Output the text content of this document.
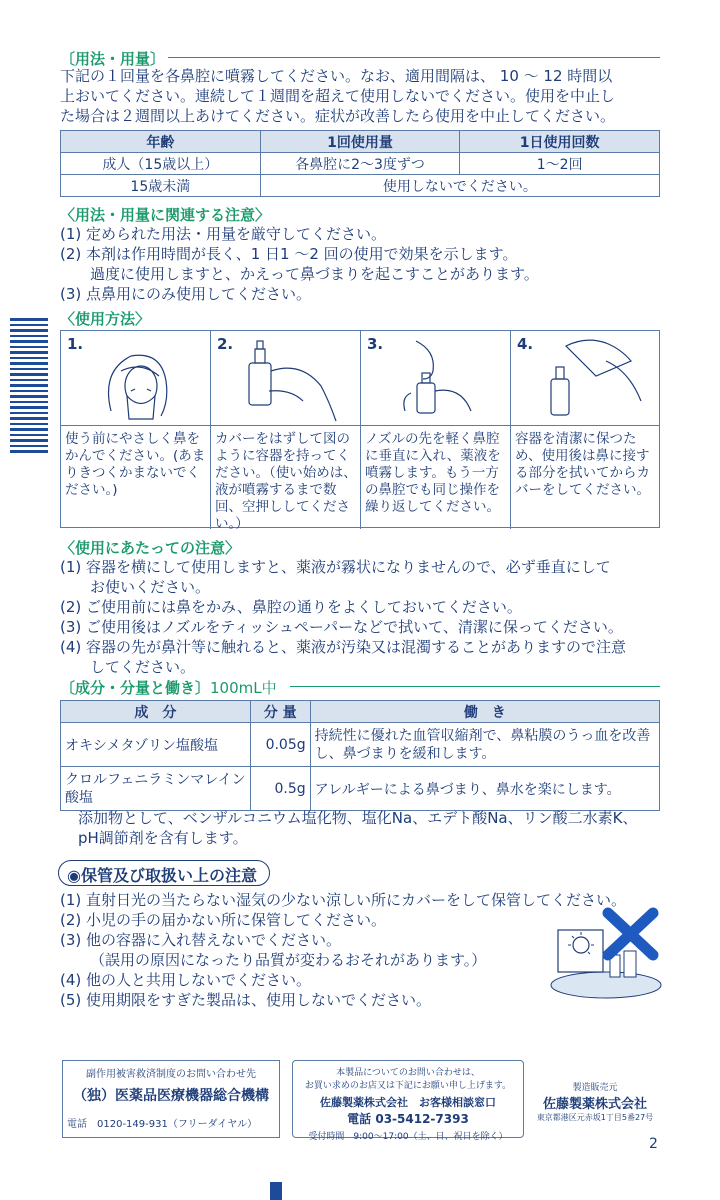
〔用法・用量〕
下記の１回量を各鼻腔に噴霧してください。なお、適用間隔は、 10 〜 12 時間以
上おいてください。連続して１週間を超えて使用しないでください。使用を中止し
た場合は２週間以上あけてください。症状が改善したら使用を中止してください。
年齢	1回使用量	1日使用回数
成人（15歳以上）	各鼻腔に2〜3度ずつ	1〜2回
15歳未満	使用しないでください。	
〈用法・用量に関連する注意〉
(1) 定められた用法・用量を厳守してください。
(2) 本剤は作用時間が長く、1 日1 〜2 回の使用で効果を示します。
過度に使用しますと、かえって鼻づまりを起こすことがあります。
(3) 点鼻用にのみ使用してください。
〈使用方法〉
1.
使う前にやさしく鼻をかんでください。(あまりきつくかまないでください。)
2.
カバーをはずして図のように容器を持ってください。（使い始めは、液が噴霧するまで数回、空押ししてください。）
3.
ノズルの先を軽く鼻腔に垂直に入れ、薬液を噴霧します。もう一方の鼻腔でも同じ操作を繰り返してください。
4.
容器を清潔に保つため、使用後は鼻に接する部分を拭いてからカバーをしてください。
〈使用にあたっての注意〉
(1) 容器を横にして使用しますと、薬液が霧状になりませんので、必ず垂直にして
お使いください。
(2) ご使用前には鼻をかみ、鼻腔の通りをよくしておいてください。
(3) ご使用後はノズルをティッシュペーパーなどで拭いて、清潔に保ってください。
(4) 容器の先が鼻汁等に触れると、薬液が汚染又は混濁することがありますので注意
してください。
〔成分・分量と働き〕100mL中
成　分	分 量	働　き
オキシメタゾリン塩酸塩	0.05g	持続性に優れた血管収縮剤で、鼻粘膜のうっ血を改善し、鼻づまりを緩和します。
クロルフェニラミンマレイン酸塩	0.5g	アレルギーによる鼻づまり、鼻水を楽にします。
添加物として、ベンザルコニウム塩化物、塩化Na、エデト酸Na、リン酸二水素K、
pH調節剤を含有します。
◉保管及び取扱い上の注意
(1) 直射日光の当たらない湿気の少ない涼しい所にカバーをして保管してください。
(2) 小児の手の届かない所に保管してください。
(3) 他の容器に入れ替えないでください。
（誤用の原因になったり品質が変わるおそれがあります。）
(4) 他の人と共用しないでください。
(5) 使用期限をすぎた製品は、使用しないでください。
副作用被害救済制度のお問い合わせ先
（独）医薬品医療機器総合機構
電話　0120-149-931（フリーダイヤル）
本製品についてのお問い合わせは、
お買い求めのお店又は下記にお願い申し上げます。
佐藤製薬株式会社　お客様相談窓口
電話 03-5412-7393
受付時間　9:00〜17:00（土、日、祝日を除く）
製造販売元
佐藤製薬株式会社
東京都港区元赤坂1丁目5番27号
2
